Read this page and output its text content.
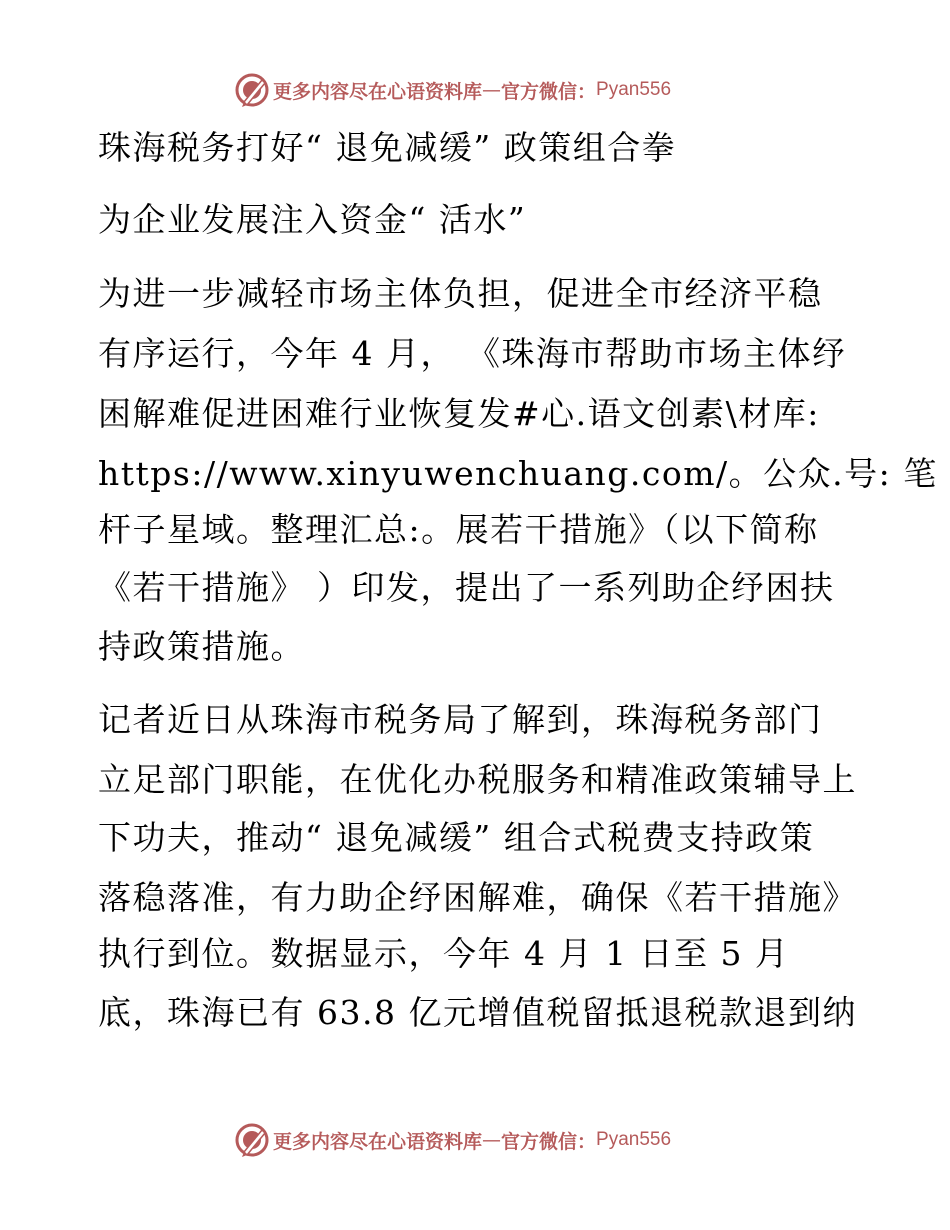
更多内容尽在心语资料库 — 官方微信： Pyan556
珠海税务打好“ 退免减缓” 政策组合拳
为企业发展注入资金“ 活水”
为进一步减轻市场主体负担，促进全市经济平稳
有序运行，今年 4 月， 《珠海市帮助市场主体纾
困解难促进困难行业恢复发#心.语文创素\材库:
https://www.xinyuwenchuang.com/。公众.号: 笔
杆子星域。整理汇总:。展若干措施》（以下简称
《若干措施》 ）印发，提出了一系列助企纾困扶
持政策措施。
记者近日从珠海市税务局了解到，珠海税务部门
立足部门职能，在优化办税服务和精准政策辅导上
下功夫，推动“ 退免减缓” 组合式税费支持政策
落稳落准，有力助企纾困解难，确保《若干措施》
执行到位。数据显示，今年 4 月 1 日至 5 月
底，珠海已有 63.8 亿元增值税留抵退税款退到纳
更多内容尽在心语资料库 — 官方微信： Pyan556
